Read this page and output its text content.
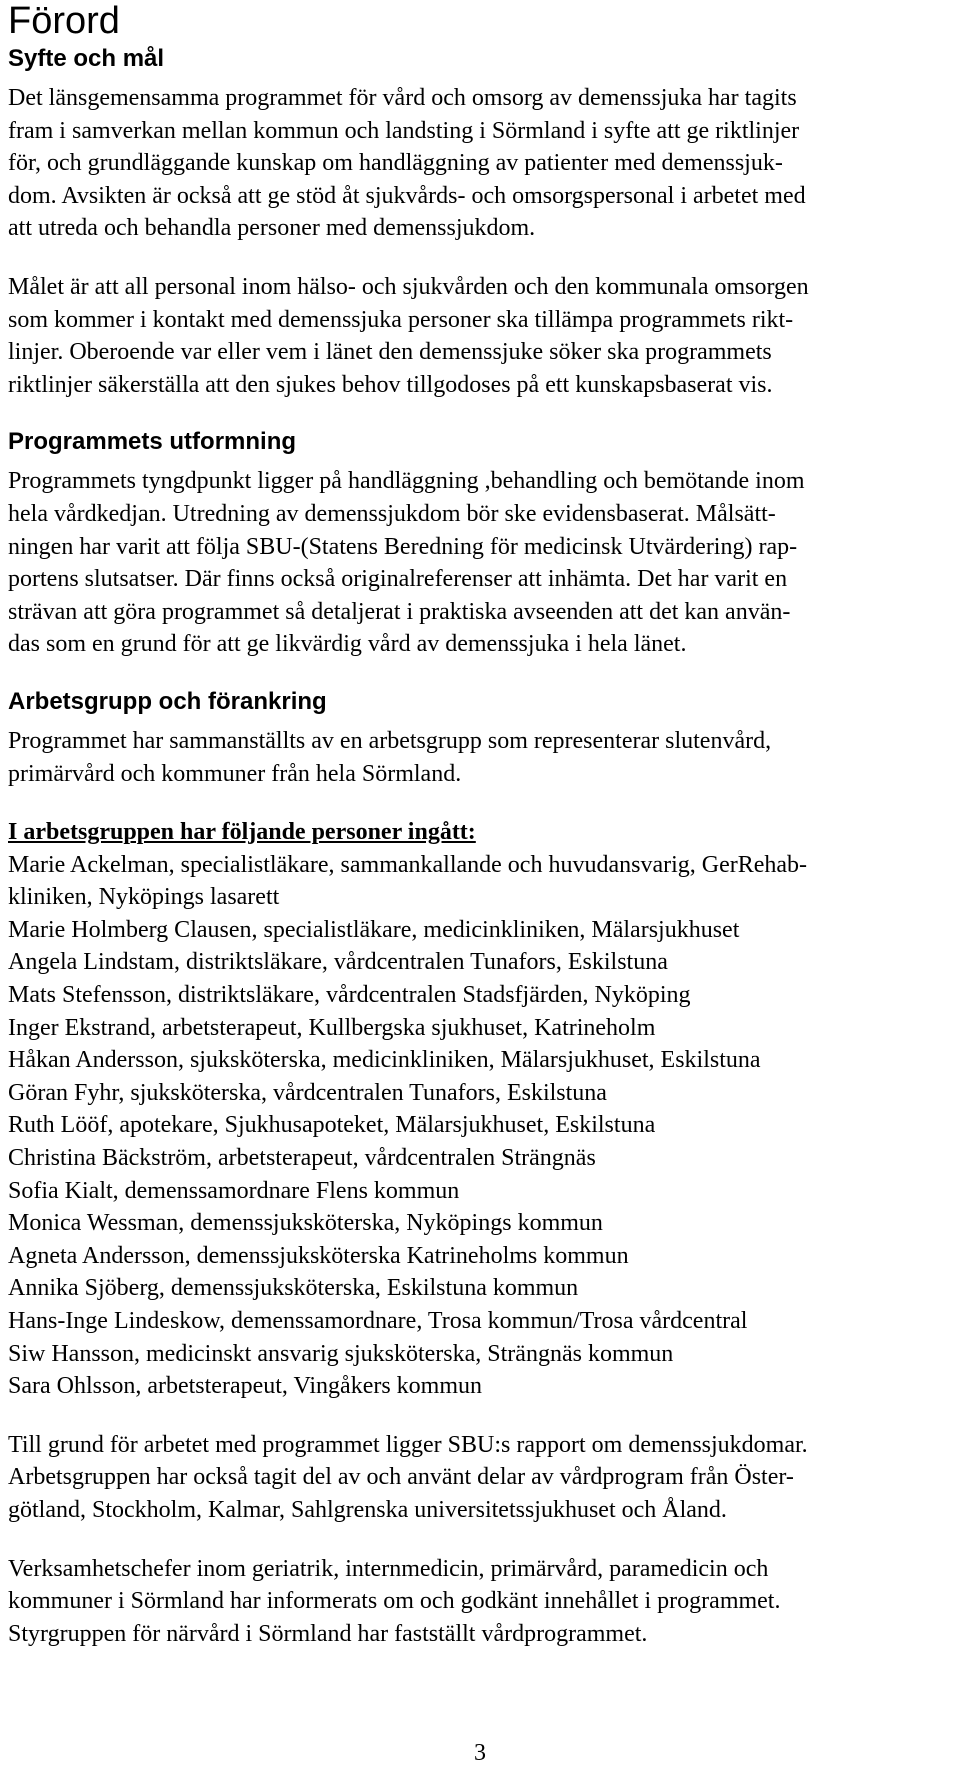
Förord
Syfte och mål

Det länsgemensamma programmet för vård och omsorg av demenssjuka har tagits
fram i samverkan mellan kommun och landsting i Sörmland i syfte att ge riktlinjer
för, och grundläggande kunskap om handläggning av patienter med demenssjuk-
dom. Avsikten är också att ge stöd åt sjukvårds- och omsorgspersonal i arbetet med
att utreda och behandla personer med demenssjukdom.

Målet är att all personal inom hälso- och sjukvården och den kommunala omsorgen
som kommer i kontakt med demenssjuka personer ska tillämpa programmets rikt-
linjer. Oberoende var eller vem i länet den demenssjuke söker ska programmets
riktlinjer säkerställa att den sjukes behov tillgodoses på ett kunskapsbaserat vis.

Programmets utformning

Programmets tyngdpunkt ligger på handläggning ,behandling och bemötande inom
hela vårdkedjan. Utredning av demenssjukdom bör ske evidensbaserat. Målsätt-
ningen har varit att följa SBU-(Statens Beredning för medicinsk Utvärdering) rap-
portens slutsatser. Där finns också originalreferenser att inhämta. Det har varit en
strävan att göra programmet så detaljerat i praktiska avseenden att det kan använ-
das som en grund för att ge likvärdig vård av demenssjuka i hela länet.

Arbetsgrupp och förankring

Programmet har sammanställts av en arbetsgrupp som representerar slutenvård,
primärvård och kommuner från hela Sörmland.

I arbetsgruppen har följande personer ingått:

Marie Ackelman, specialistläkare, sammankallande och huvudansvarig, GerRehab-
kliniken, Nyköpings lasarett
Marie Holmberg Clausen, specialistläkare, medicinkliniken, Mälarsjukhuset
Angela Lindstam, distriktsläkare, vårdcentralen Tunafors, Eskilstuna
Mats Stefensson, distriktsläkare, vårdcentralen Stadsfjärden, Nyköping
Inger Ekstrand, arbetsterapeut, Kullbergska sjukhuset, Katrineholm
Håkan Andersson, sjuksköterska, medicinkliniken, Mälarsjukhuset, Eskilstuna
Göran Fyhr, sjuksköterska, vårdcentralen Tunafors, Eskilstuna
Ruth Lööf, apotekare, Sjukhusapoteket, Mälarsjukhuset, Eskilstuna
Christina Bäckström, arbetsterapeut, vårdcentralen Strängnäs
Sofia Kialt, demenssamordnare Flens kommun
Monica Wessman, demenssjuksköterska, Nyköpings kommun
Agneta Andersson, demenssjuksköterska Katrineholms kommun
Annika Sjöberg, demenssjuksköterska, Eskilstuna kommun
Hans-Inge Lindeskow, demenssamordnare, Trosa kommun/Trosa vårdcentral
Siw Hansson, medicinskt ansvarig sjuksköterska, Strängnäs kommun
Sara Ohlsson, arbetsterapeut, Vingåkers kommun

Till grund för arbetet med programmet ligger SBU:s rapport om demenssjukdomar.
Arbetsgruppen har också tagit del av och använt delar av vårdprogram från Öster-
götland, Stockholm, Kalmar, Sahlgrenska universitetssjukhuset och Åland.

Verksamhetschefer inom geriatrik, internmedicin, primärvård, paramedicin och
kommuner i Sörmland har informerats om och godkänt innehållet i programmet.
Styrgruppen för närvård i Sörmland har fastställt vårdprogrammet.

3
